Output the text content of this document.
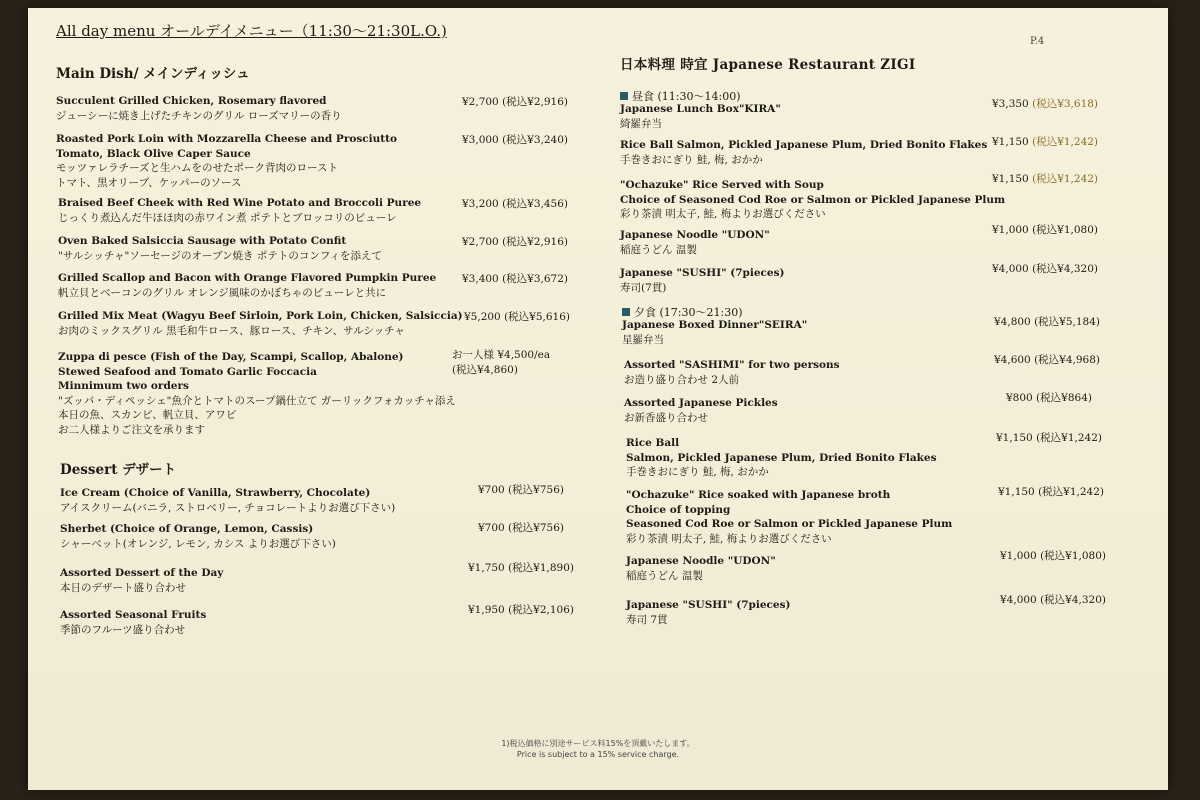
All day menu オールデイメニュー（11:30〜21:30L.O.)
P.4
日本料理 時宜 Japanese Restaurant ZIGI
Main Dish/ メインディッシュ
Succulent Grilled Chicken, Rosemary flavored
ジューシーに焼き上げたチキンのグリル ローズマリーの香り
¥2,700 (税込¥2,916)
Roasted Pork Loin with Mozzarella Cheese and Prosciutto
Tomato, Black Olive Caper Sauce
モッツァレラチーズと生ハムをのせたポーク背肉のロースト
トマト、黒オリーブ、ケッパーのソース
¥3,000 (税込¥3,240)
Braised Beef Cheek with Red Wine Potato and Broccoli Puree
じっくり煮込んだ牛ほほ肉の赤ワイン煮 ポテトとブロッコリのピューレ
¥3,200 (税込¥3,456)
Oven Baked Salsiccia Sausage with Potato Confit
"サルシッチャ"ソーセージのオーブン焼き ポテトのコンフィを添えて
¥2,700 (税込¥2,916)
Grilled Scallop and Bacon with Orange Flavored Pumpkin Puree
帆立貝とベーコンのグリル オレンジ風味のかぼちゃのピューレと共に
¥3,400 (税込¥3,672)
Grilled Mix Meat (Wagyu Beef Sirloin, Pork Loin, Chicken, Salsiccia)
お肉のミックスグリル 黒毛和牛ロース、豚ロース、チキン、サルシッチャ
¥5,200 (税込¥5,616)
Zuppa di pesce (Fish of the Day, Scampi, Scallop, Abalone)
Stewed Seafood and Tomato Garlic Foccacia
Minnimum two orders
"ズッパ・ディペッシェ"魚介とトマトのスープ鍋仕立て ガーリックフォカッチャ添え
本日の魚、スカンピ、帆立貝、アワビ
お二人様よりご注文を承ります
お一人様 ¥4,500/ea
(税込¥4,860)
Dessert デザート
Ice Cream (Choice of Vanilla, Strawberry, Chocolate)
アイスクリーム(バニラ, ストロベリー, チョコレートよりお選び下さい)
¥700 (税込¥756)
Sherbet (Choice of Orange, Lemon, Cassis)
シャーベット(オレンジ, レモン, カシス よりお選び下さい)
¥700 (税込¥756)
Assorted Dessert of the Day
本日のデザート盛り合わせ
¥1,750 (税込¥1,890)
Assorted Seasonal Fruits
季節のフルーツ盛り合わせ
¥1,950 (税込¥2,106)
昼食 (11:30〜14:00)
Japanese Lunch Box"KIRA"
綺羅弁当
¥3,350 (税込¥3,618)
Rice Ball Salmon, Pickled Japanese Plum, Dried Bonito Flakes
手巻きおにぎり 鮭, 梅, おかか
¥1,150 (税込¥1,242)
"Ochazuke" Rice Served with Soup
Choice of Seasoned Cod Roe or Salmon or Pickled Japanese Plum
彩り茶漬 明太子, 鮭, 梅よりお選びください
¥1,150 (税込¥1,242)
Japanese Noodle "UDON"
稲庭うどん 温製
¥1,000 (税込¥1,080)
Japanese "SUSHI" (7pieces)
寿司(7貫)
¥4,000 (税込¥4,320)
夕食 (17:30〜21:30)
Japanese Boxed Dinner"SEIRA"
星羅弁当
¥4,800 (税込¥5,184)
Assorted "SASHIMI" for two persons
お造り盛り合わせ 2人前
¥4,600 (税込¥4,968)
Assorted Japanese Pickles
お新香盛り合わせ
¥800 (税込¥864)
Rice Ball
Salmon, Pickled Japanese Plum, Dried Bonito Flakes
手巻きおにぎり 鮭, 梅, おかか
¥1,150 (税込¥1,242)
"Ochazuke" Rice soaked with Japanese broth
Choice of topping
Seasoned Cod Roe or Salmon or Pickled Japanese Plum
彩り茶漬 明太子, 鮭, 梅よりお選びください
¥1,150 (税込¥1,242)
Japanese Noodle "UDON"
稲庭うどん 温製
¥1,000 (税込¥1,080)
Japanese "SUSHI" (7pieces)
寿司 7貫
¥4,000 (税込¥4,320)
1)税込価格に別途サービス料15%を頂戴いたします。
Price is subject to a 15% service charge.
